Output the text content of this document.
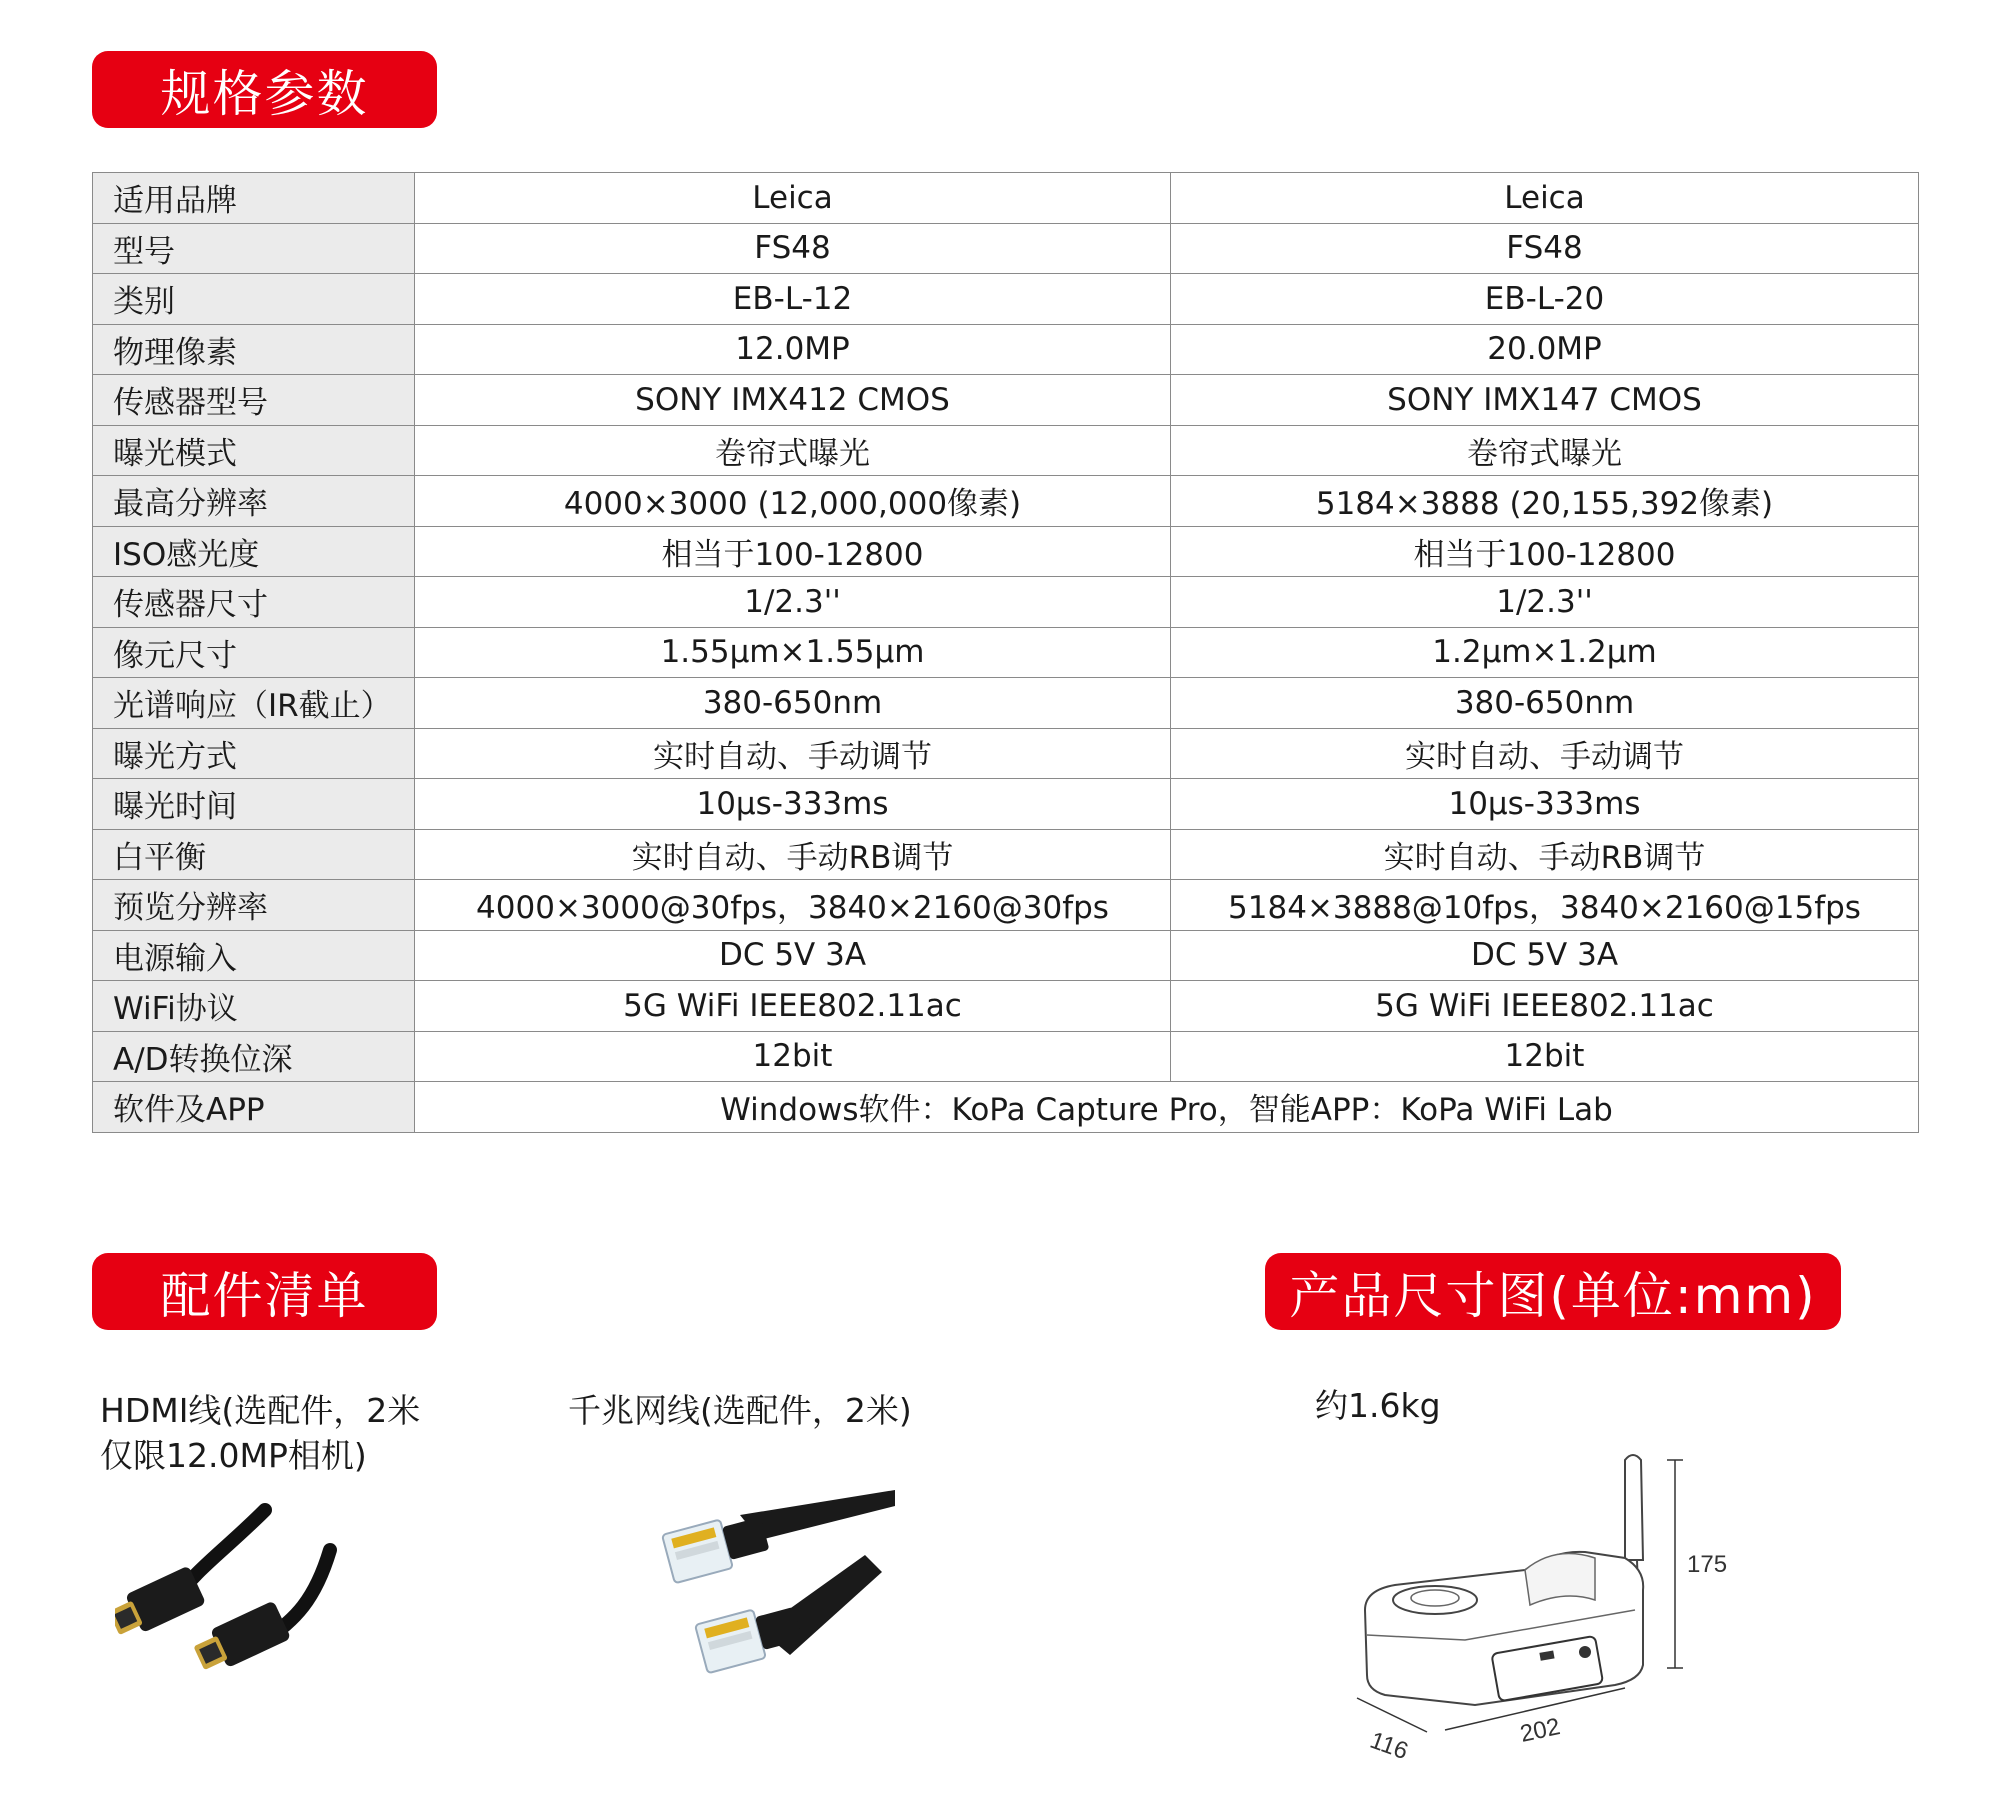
规格参数
适用品牌	Leica	Leica
型号	FS48	FS48
类别	EB-L-12	EB-L-20
物理像素	12.0MP	20.0MP
传感器型号	SONY IMX412 CMOS	SONY IMX147 CMOS
曝光模式	卷帘式曝光	卷帘式曝光
最高分辨率	4000×3000 (12,000,000像素)	5184×3888 (20,155,392像素)
ISO感光度	相当于100-12800	相当于100-12800
传感器尺寸	1/2.3''	1/2.3''
像元尺寸	1.55μm×1.55μm	1.2μm×1.2μm
光谱响应（IR截止）	380-650nm	380-650nm
曝光方式	实时自动、手动调节	实时自动、手动调节
曝光时间	10μs-333ms	10μs-333ms
白平衡	实时自动、手动RB调节	实时自动、手动RB调节
预览分辨率	4000×3000@30fps，3840×2160@30fps	5184×3888@10fps，3840×2160@15fps
电源输入	DC 5V 3A	DC 5V 3A
WiFi协议	5G WiFi IEEE802.11ac	5G WiFi IEEE802.11ac
A/D转换位深	12bit	12bit
软件及APP	Windows软件：KoPa Capture Pro，智能APP：KoPa WiFi Lab	
配件清单	产品尺寸图(单位:mm)
HDMI线(选配件，2米
仅限12.0MP相机)
千兆网线(选配件，2米)	约1.6kg
175
116	202
